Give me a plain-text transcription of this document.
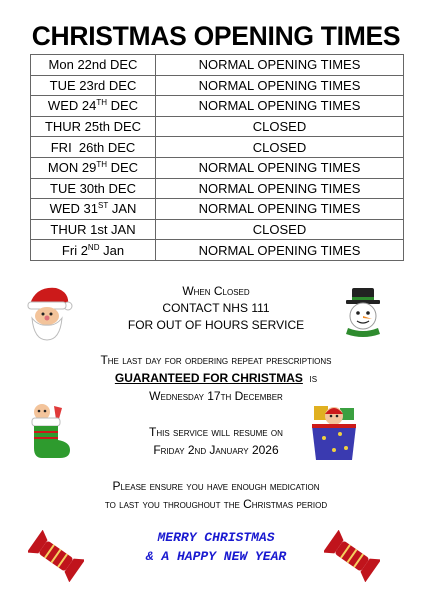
CHRISTMAS OPENING TIMES
Mon 22nd DEC	NORMAL OPENING TIMES
TUE 23rd DEC	NORMAL OPENING TIMES
WED 24TH DEC	NORMAL OPENING TIMES
THUR 25th DEC	CLOSED
FRI  26th DEC	CLOSED
MON 29TH DEC	NORMAL OPENING TIMES
TUE 30th DEC	NORMAL OPENING TIMES
WED 31ST JAN	NORMAL OPENING TIMES
THUR 1st JAN	CLOSED
Fri 2ND Jan	NORMAL OPENING TIMES
When Closed
CONTACT NHS 111
FOR OUT OF HOURS SERVICE
The last day for ordering repeat prescriptions
GUARANTEED FOR CHRISTMAS is
Wednesday 17th December
This service will resume on
Friday 2nd January 2026
Please ensure you have enough medication
to last you throughout the Christmas period
MERRY CHRISTMAS
& A HAPPY NEW YEAR
